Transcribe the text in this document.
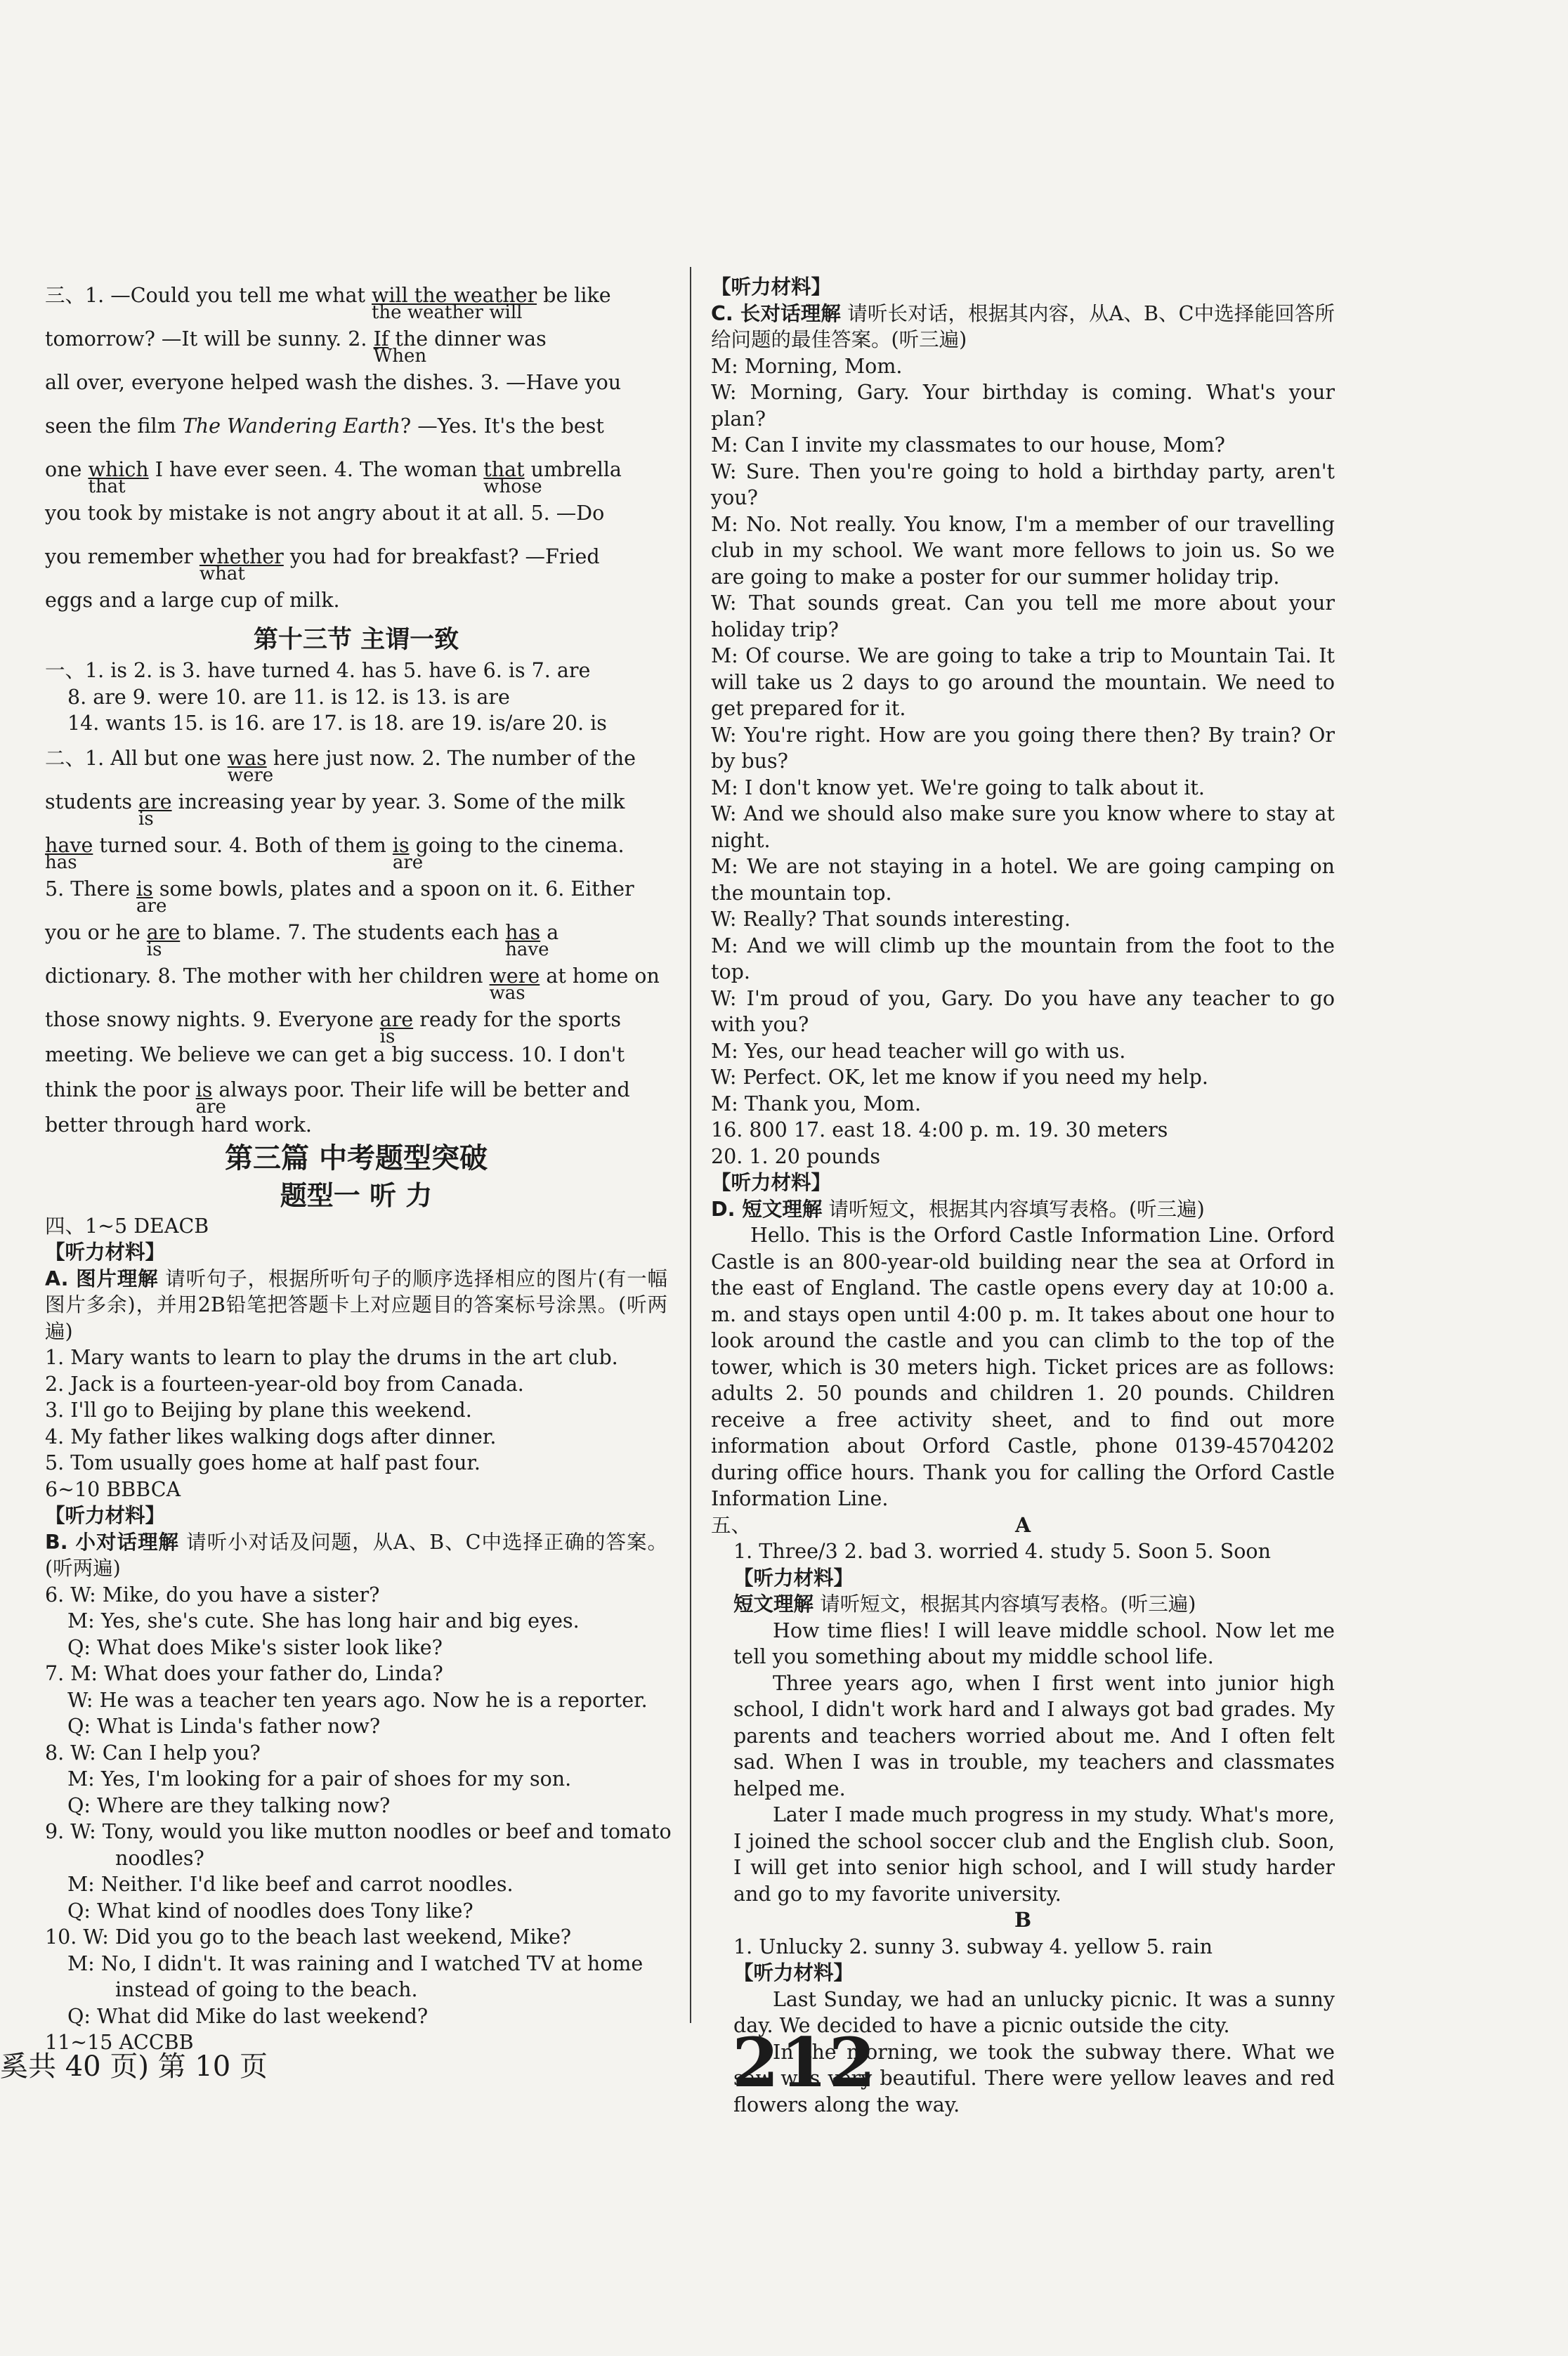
三、1. —Could you tell me what will the weather
the weather will
be like
tomorrow? —It will be sunny. 2. If
When
the dinner was
all over, everyone helped wash the dishes. 3. —Have you
seen the film The Wandering Earth? —Yes. It's the best
one which
that
I have ever seen. 4. The woman that
whose
umbrella
you took by mistake is not angry about it at all. 5. —Do
you remember whether
what
you had for breakfast? —Fried
eggs and a large cup of milk.
第十三节 主谓一致
一、1. is 2. is 3. have turned 4. has 5. have 6. is 7. are
8. are 9. were 10. are 11. is 12. is 13. is are
14. wants 15. is 16. are 17. is 18. are 19. is/are 20. is
二、1. All but one was
were
here just now. 2. The number of the
students are
is
increasing year by year. 3. Some of the milk
have
has
turned sour. 4. Both of them is
are
going to the cinema.
5. There is
are
some bowls, plates and a spoon on it. 6. Either
you or he are
is
to blame. 7. The students each has
have
a
dictionary. 8. The mother with her children were
was
at home on
those snowy nights. 9. Everyone are
is
ready for the sports
meeting. We believe we can get a big success. 10. I don't
think the poor is
are
always poor. Their life will be better and
better through hard work.
第三篇 中考题型突破
题型一 听 力
四、1~5 DEACB
【听力材料】
A. 图片理解 请听句子，根据所听句子的顺序选择相应的图片(有一幅图片多余)，并用2B铅笔把答题卡上对应题目的答案标号涂黑。(听两遍)
1. Mary wants to learn to play the drums in the art club.
2. Jack is a fourteen-year-old boy from Canada.
3. I'll go to Beijing by plane this weekend.
4. My father likes walking dogs after dinner.
5. Tom usually goes home at half past four.
6~10 BBBCA
【听力材料】
B. 小对话理解 请听小对话及问题，从A、B、C中选择正确的答案。(听两遍)
6. W: Mike, do you have a sister?
M: Yes, she's cute. She has long hair and big eyes.
Q: What does Mike's sister look like?
7. M: What does your father do, Linda?
W: He was a teacher ten years ago. Now he is a reporter.
Q: What is Linda's father now?
8. W: Can I help you?
M: Yes, I'm looking for a pair of shoes for my son.
Q: Where are they talking now?
9. W: Tony, would you like mutton noodles or beef and tomato
noodles?
M: Neither. I'd like beef and carrot noodles.
Q: What kind of noodles does Tony like?
10. W: Did you go to the beach last weekend, Mike?
M: No, I didn't. It was raining and I watched TV at home
instead of going to the beach.
Q: What did Mike do last weekend?
11~15 ACCBB
【听力材料】
C. 长对话理解 请听长对话，根据其内容，从A、B、C中选择能回答所给问题的最佳答案。(听三遍)
M: Morning, Mom.
W: Morning, Gary. Your birthday is coming. What's your plan?
M: Can I invite my classmates to our house, Mom?
W: Sure. Then you're going to hold a birthday party, aren't you?
M: No. Not really. You know, I'm a member of our travelling club in my school. We want more fellows to join us. So we are going to make a poster for our summer holiday trip.
W: That sounds great. Can you tell me more about your holiday trip?
M: Of course. We are going to take a trip to Mountain Tai. It will take us 2 days to go around the mountain. We need to get prepared for it.
W: You're right. How are you going there then? By train? Or by bus?
M: I don't know yet. We're going to talk about it.
W: And we should also make sure you know where to stay at night.
M: We are not staying in a hotel. We are going camping on the mountain top.
W: Really? That sounds interesting.
M: And we will climb up the mountain from the foot to the top.
W: I'm proud of you, Gary. Do you have any teacher to go with you?
M: Yes, our head teacher will go with us.
W: Perfect. OK, let me know if you need my help.
M: Thank you, Mom.
16. 800 17. east 18. 4:00 p. m. 19. 30 meters
20. 1. 20 pounds
【听力材料】
D. 短文理解 请听短文，根据其内容填写表格。(听三遍)
Hello. This is the Orford Castle Information Line. Orford Castle is an 800-year-old building near the sea at Orford in the east of England. The castle opens every day at 10:00 a. m. and stays open until 4:00 p. m. It takes about one hour to look around the castle and you can climb to the top of the tower, which is 30 meters high. Ticket prices are as follows: adults 2. 50 pounds and children 1. 20 pounds. Children receive a free activity sheet, and to find out more information about Orford Castle, phone 0139-45704202 during office hours. Thank you for calling the Orford Castle Information Line.
五、	A
1. Three/3 2. bad 3. worried 4. study 5. Soon 5. Soon
【听力材料】
短文理解 请听短文，根据其内容填写表格。(听三遍)
How time flies! I will leave middle school. Now let me tell you something about my middle school life.
Three years ago, when I first went into junior high school, I didn't work hard and I always got bad grades. My parents and teachers worried about me. And I often felt sad. When I was in trouble, my teachers and classmates helped me.
Later I made much progress in my study. What's more, I joined the school soccer club and the English club. Soon, I will get into senior high school, and I will study harder and go to my favorite university.
B
1. Unlucky 2. sunny 3. subway 4. yellow 5. rain
【听力材料】
Last Sunday, we had an unlucky picnic. It was a sunny day. We decided to have a picnic outside the city.
In the morning, we took the subway there. What we saw was very beautiful. There were yellow leaves and red flowers along the way.
奚共 40 页) 第 10 页	212
